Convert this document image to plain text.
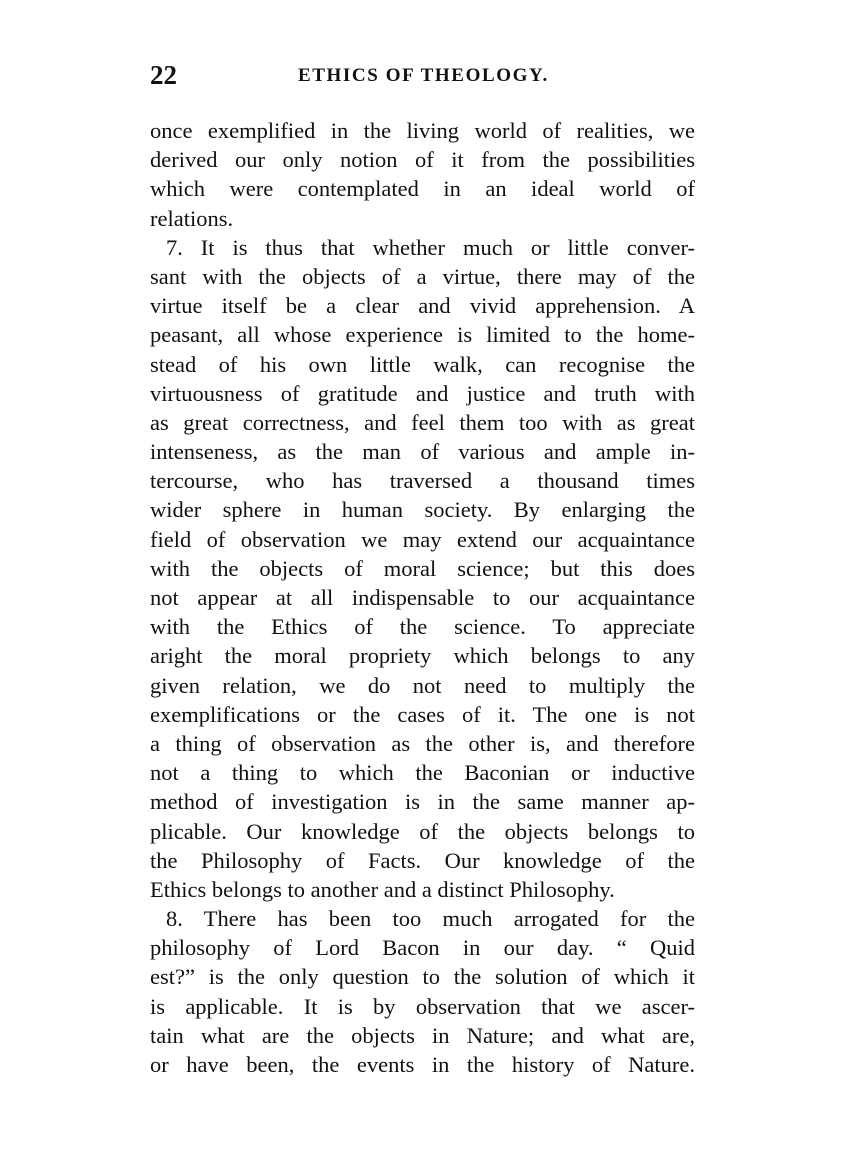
22	ETHICS OF THEOLOGY.
once exemplified in the living world of realities, we
derived our only notion of it from the possibilities
which were contemplated in an ideal world of
relations.
7. It is thus that whether much or little conver-
sant with the objects of a virtue, there may of the
virtue itself be a clear and vivid apprehension. A
peasant, all whose experience is limited to the home-
stead of his own little walk, can recognise the
virtuousness of gratitude and justice and truth with
as great correctness, and feel them too with as great
intenseness, as the man of various and ample in-
tercourse, who has traversed a thousand times
wider sphere in human society. By enlarging the
field of observation we may extend our acquaintance
with the objects of moral science; but this does
not appear at all indispensable to our acquaintance
with the Ethics of the science. To appreciate
aright the moral propriety which belongs to any
given relation, we do not need to multiply the
exemplifications or the cases of it. The one is not
a thing of observation as the other is, and therefore
not a thing to which the Baconian or inductive
method of investigation is in the same manner ap-
plicable. Our knowledge of the objects belongs to
the Philosophy of Facts. Our knowledge of the
Ethics belongs to another and a distinct Philosophy.
8. There has been too much arrogated for the
philosophy of Lord Bacon in our day. “ Quid
est?” is the only question to the solution of which it
is applicable. It is by observation that we ascer-
tain what are the objects in Nature; and what are,
or have been, the events in the history of Nature.
